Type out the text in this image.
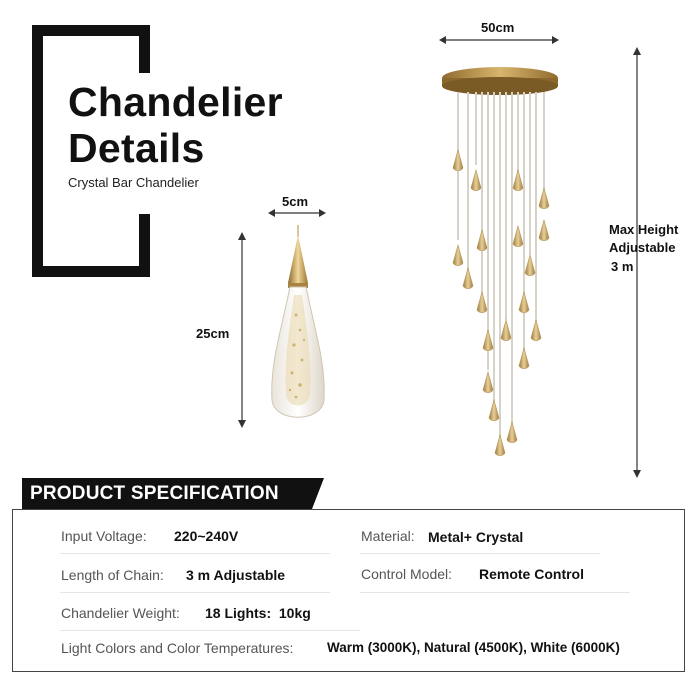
Chandelier
Details
Crystal Bar Chandelier
5cm
25cm
50cm
Max Height
Adjustable
3 m
PRODUCT SPECIFICATION
Input Voltage: 220~240V	Material: Metal+ Crystal
Length of Chain: 3 m Adjustable	Control Model: Remote Control
Chandelier Weight: 18 Lights:  10kg
Light Colors and Color Temperatures: Warm (3000K), Natural (4500K), White (6000K)
